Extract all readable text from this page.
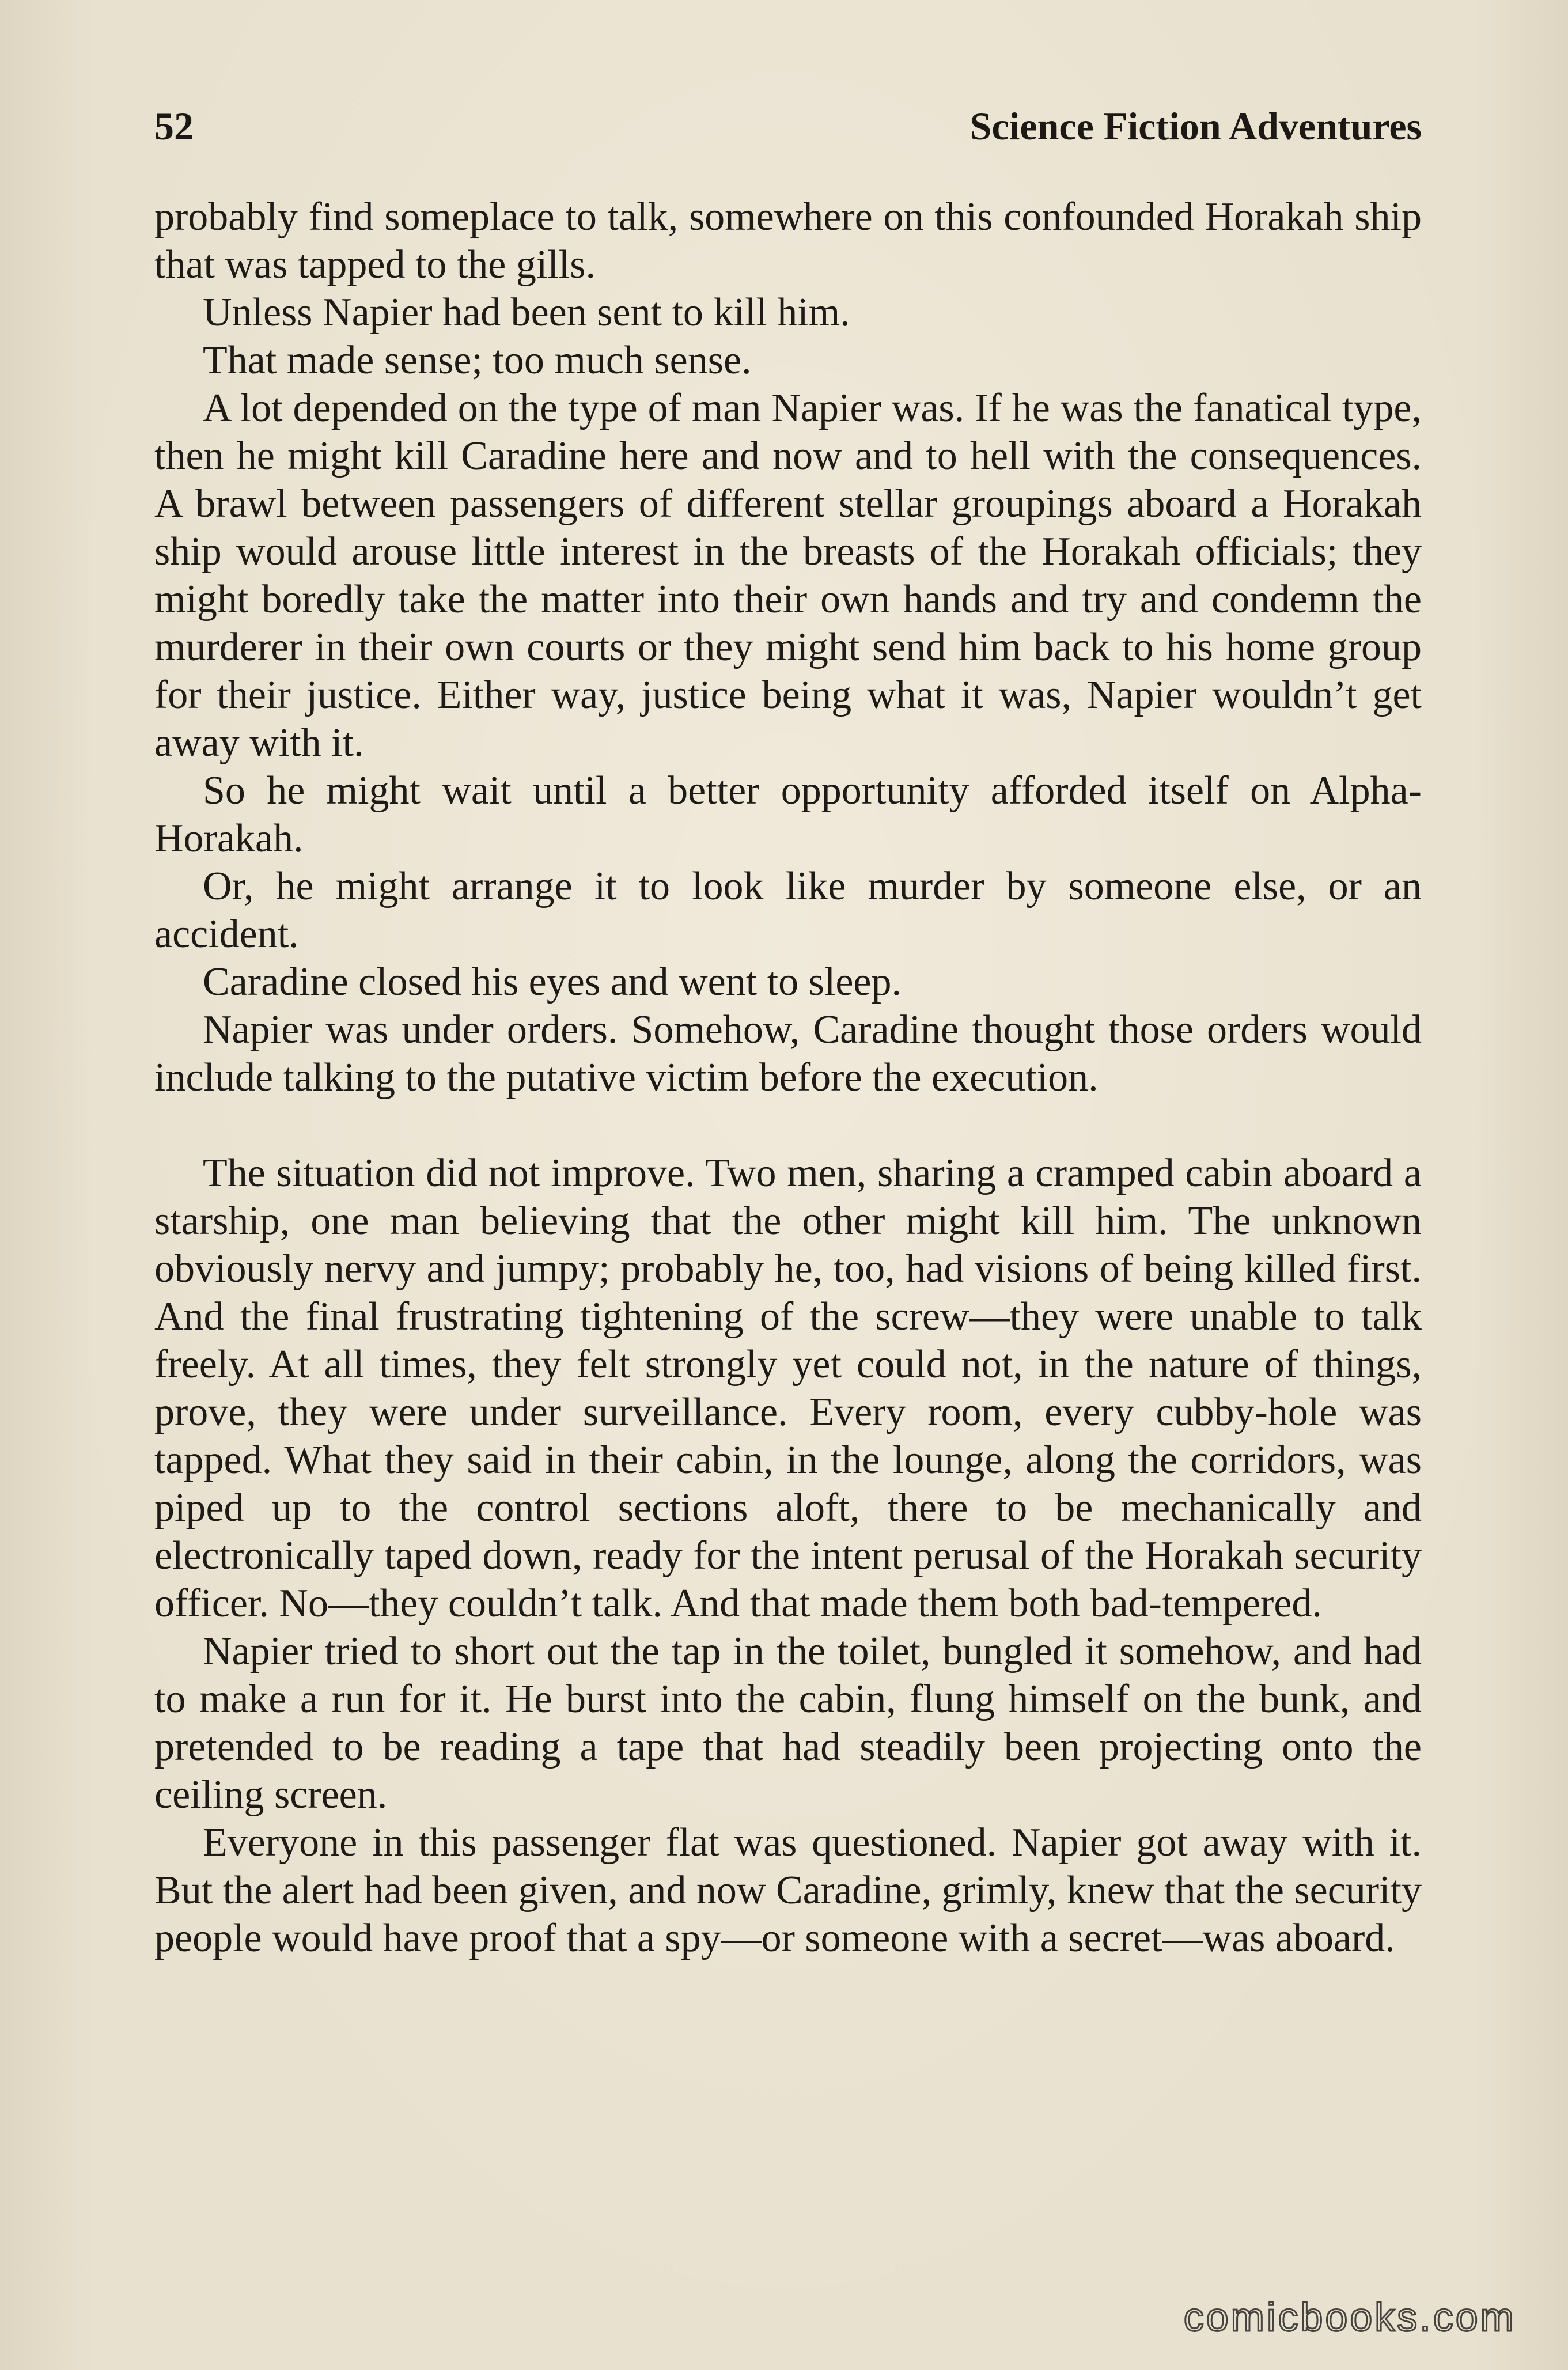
52	Science Fiction Adventures

probably find someplace to talk, somewhere on this confounded Horakah ship that was tapped to the gills.

Unless Napier had been sent to kill him.

That made sense; too much sense.

A lot depended on the type of man Napier was. If he was the fanatical type, then he might kill Caradine here and now and to hell with the consequences. A brawl between passengers of different stellar groupings aboard a Horakah ship would arouse little interest in the breasts of the Horakah officials; they might boredly take the matter into their own hands and try and condemn the murderer in their own courts or they might send him back to his home group for their justice. Either way, justice being what it was, Napier wouldn’t get away with it.

So he might wait until a better opportunity afforded itself on Alpha-Horakah.

Or, he might arrange it to look like murder by someone else, or an accident.

Caradine closed his eyes and went to sleep.

Napier was under orders. Somehow, Caradine thought those orders would include talking to the putative victim before the execution.

The situation did not improve. Two men, sharing a cramped cabin aboard a starship, one man believing that the other might kill him. The unknown obviously nervy and jumpy; probably he, too, had visions of being killed first. And the final frustrating tightening of the screw—they were unable to talk freely. At all times, they felt strongly yet could not, in the nature of things, prove, they were under surveillance. Every room, every cubby-hole was tapped. What they said in their cabin, in the lounge, along the corridors, was piped up to the control sections aloft, there to be mechanically and electronically taped down, ready for the intent perusal of the Horakah security officer. No—they couldn’t talk. And that made them both bad-tempered.

Napier tried to short out the tap in the toilet, bungled it somehow, and had to make a run for it. He burst into the cabin, flung himself on the bunk, and pretended to be reading a tape that had steadily been projecting onto the ceiling screen.

Everyone in this passenger flat was questioned. Napier got away with it. But the alert had been given, and now Caradine, grimly, knew that the security people would have proof that a spy—or someone with a secret—was aboard.

comicbooks.com
